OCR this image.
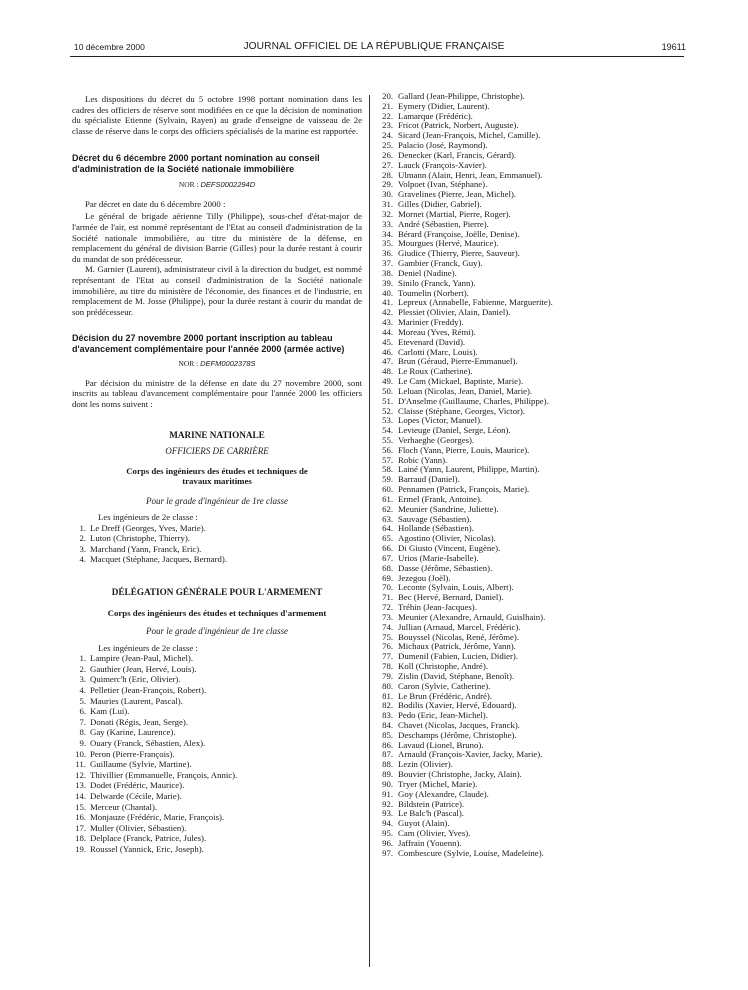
10 décembre 2000	JOURNAL OFFICIEL DE LA RÉPUBLIQUE FRANÇAISE	19611

Les dispositions du décret du 5 octobre 1998 portant nomination dans les cadres des officiers de réserve sont modifiées en ce que la décision de nomination du spécialiste Etienne (Sylvain, Rayen) au grade d'enseigne de vaisseau de 2e classe de réserve dans le corps des officiers spécialisés de la marine est rapportée.

Décret du 6 décembre 2000 portant nomination au conseil d'administration de la Société nationale immobilière

NOR : DEFS0002294D

Par décret en date du 6 décembre 2000 :

Le général de brigade aérienne Tilly (Philippe), sous-chef d'état-major de l'armée de l'air, est nommé représentant de l'Etat au conseil d'administration de la Société nationale immobilière, au titre du ministère de la défense, en remplacement du général de division Barrie (Gilles) pour la durée restant à courir du mandat de son prédécesseur.

M. Garnier (Laurent), administrateur civil à la direction du budget, est nommé représentant de l'Etat au conseil d'administration de la Société nationale immobilière, au titre du ministère de l'économie, des finances et de l'industrie, en remplacement de M. Josse (Philippe), pour la durée restant à courir du mandat de son prédécesseur.

Décision du 27 novembre 2000 portant inscription au tableau d'avancement complémentaire pour l'année 2000 (armée active)

NOR : DEFM0002378S

Par décision du ministre de la défense en date du 27 novembre 2000, sont inscrits au tableau d'avancement complémentaire pour l'année 2000 les officiers dont les noms suivent :

MARINE NATIONALE

OFFICIERS DE CARRIÈRE

Corps des ingénieurs des études et techniques de travaux maritimes

Pour le grade d'ingénieur de 1re classe

Les ingénieurs de 2e classe :

1. Le Dreff (Georges, Yves, Marie).
2. Luton (Christophe, Thierry).
3. Marchand (Yann, Franck, Eric).
4. Macquet (Stéphane, Jacques, Bernard).

DÉLÉGATION GÉNÉRALE POUR L'ARMEMENT

Corps des ingénieurs des études et techniques d'armement

Pour le grade d'ingénieur de 1re classe

Les ingénieurs de 2e classe :

1. Lampire (Jean-Paul, Michel).
2. Gauthier (Jean, Hervé, Louis).
3. Quimerc'h (Eric, Olivier).
4. Pelletier (Jean-François, Robert).
5. Mauries (Laurent, Pascal).
6. Kam (Lui).
7. Donati (Régis, Jean, Serge).
8. Gay (Karine, Laurence).
9. Ouary (Franck, Sébastien, Alex).
10. Peron (Pierre-François).
11. Guillaume (Sylvie, Martine).
12. Thivillier (Emmanuelle, François, Annic).
13. Dodet (Frédéric, Maurice).
14. Delwarde (Cécile, Marie).
15. Merceur (Chantal).
16. Monjauze (Frédéric, Marie, François).
17. Muller (Olivier, Sébastien).
18. Delplace (Franck, Patrice, Jules).
19. Roussel (Yannick, Eric, Joseph).
20. Gallard (Jean-Philippe, Christophe).
21. Eymery (Didier, Laurent).
22. Lamarque (Frédéric).
23. Fricot (Patrick, Norbert, Auguste).
24. Sicard (Jean-François, Michel, Camille).
25. Palacio (José, Raymond).
26. Denecker (Karl, Francis, Gérard).
27. Lauck (François-Xavier).
28. Ulmann (Alain, Henri, Jean, Emmanuel).
29. Volpoet (Ivan, Stéphane).
30. Gravelines (Pierre, Jean, Michel).
31. Gilles (Didier, Gabriel).
32. Mornet (Martial, Pierre, Roger).
33. André (Sébastien, Pierre).
34. Bérard (Françoise, Joëlle, Denise).
35. Mourgues (Hervé, Maurice).
36. Giudice (Thierry, Pierre, Sauveur).
37. Gambier (Franck, Guy).
38. Deniel (Nadine).
39. Sinilo (Franck, Yann).
40. Toumelin (Norbert).
41. Lepreux (Annabelle, Fabienne, Marguerite).
42. Plessiet (Olivier, Alain, Daniel).
43. Marinier (Freddy).
44. Moreau (Yves, Rémi).
45. Etevenard (David).
46. Carlotti (Marc, Louis).
47. Brun (Géraud, Pierre-Emmanuel).
48. Le Roux (Catherine).
49. Le Cam (Mickael, Baptiste, Marie).
50. Leluan (Nicolas, Jean, Daniel, Marie).
51. D'Anselme (Guillaume, Charles, Philippe).
52. Claisse (Stéphane, Georges, Victor).
53. Lopes (Victor, Manuel).
54. Levieuge (Daniel, Serge, Léon).
55. Verhaeghe (Georges).
56. Floch (Yann, Pierre, Louis, Maurice).
57. Robic (Yann).
58. Lainé (Yann, Laurent, Philippe, Martin).
59. Barraud (Daniel).
60. Pennamen (Patrick, François, Marie).
61. Ermel (Frank, Antoine).
62. Meunier (Sandrine, Juliette).
63. Sauvage (Sébastien).
64. Hollande (Sébastien).
65. Agostino (Olivier, Nicolas).
66. Di Giusto (Vincent, Eugène).
67. Urios (Marie-Isabelle).
68. Dasse (Jérôme, Sébastien).
69. Jezegou (Joël).
70. Leconte (Sylvain, Louis, Albert).
71. Bec (Hervé, Bernard, Daniel).
72. Tréhin (Jean-Jacques).
73. Meunier (Alexandre, Arnauld, Guislhain).
74. Jullian (Arnaud, Marcel, Frédéric).
75. Bouyssel (Nicolas, René, Jérôme).
76. Michaux (Patrick, Jérôme, Yann).
77. Dumenil (Fabien, Lucien, Didier).
78. Koll (Christophe, André).
79. Zislin (David, Stéphane, Benoît).
80. Caron (Sylvie, Catherine).
81. Le Brun (Frédéric, André).
82. Bodilis (Xavier, Hervé, Edouard).
83. Pedo (Eric, Jean-Michel).
84. Chavet (Nicolas, Jacques, Franck).
85. Deschamps (Jérôme, Christophe).
86. Lavaud (Lionel, Bruno).
87. Arnauld (François-Xavier, Jacky, Marie).
88. Lezin (Olivier).
89. Bouvier (Christophe, Jacky, Alain).
90. Tryer (Michel, Marie).
91. Goy (Alexandre, Claude).
92. Bildstein (Patrice).
93. Le Balc'h (Pascal).
94. Guyot (Alain).
95. Cam (Olivier, Yves).
96. Jaffrain (Youenn).
97. Combescure (Sylvie, Louise, Madeleine).
